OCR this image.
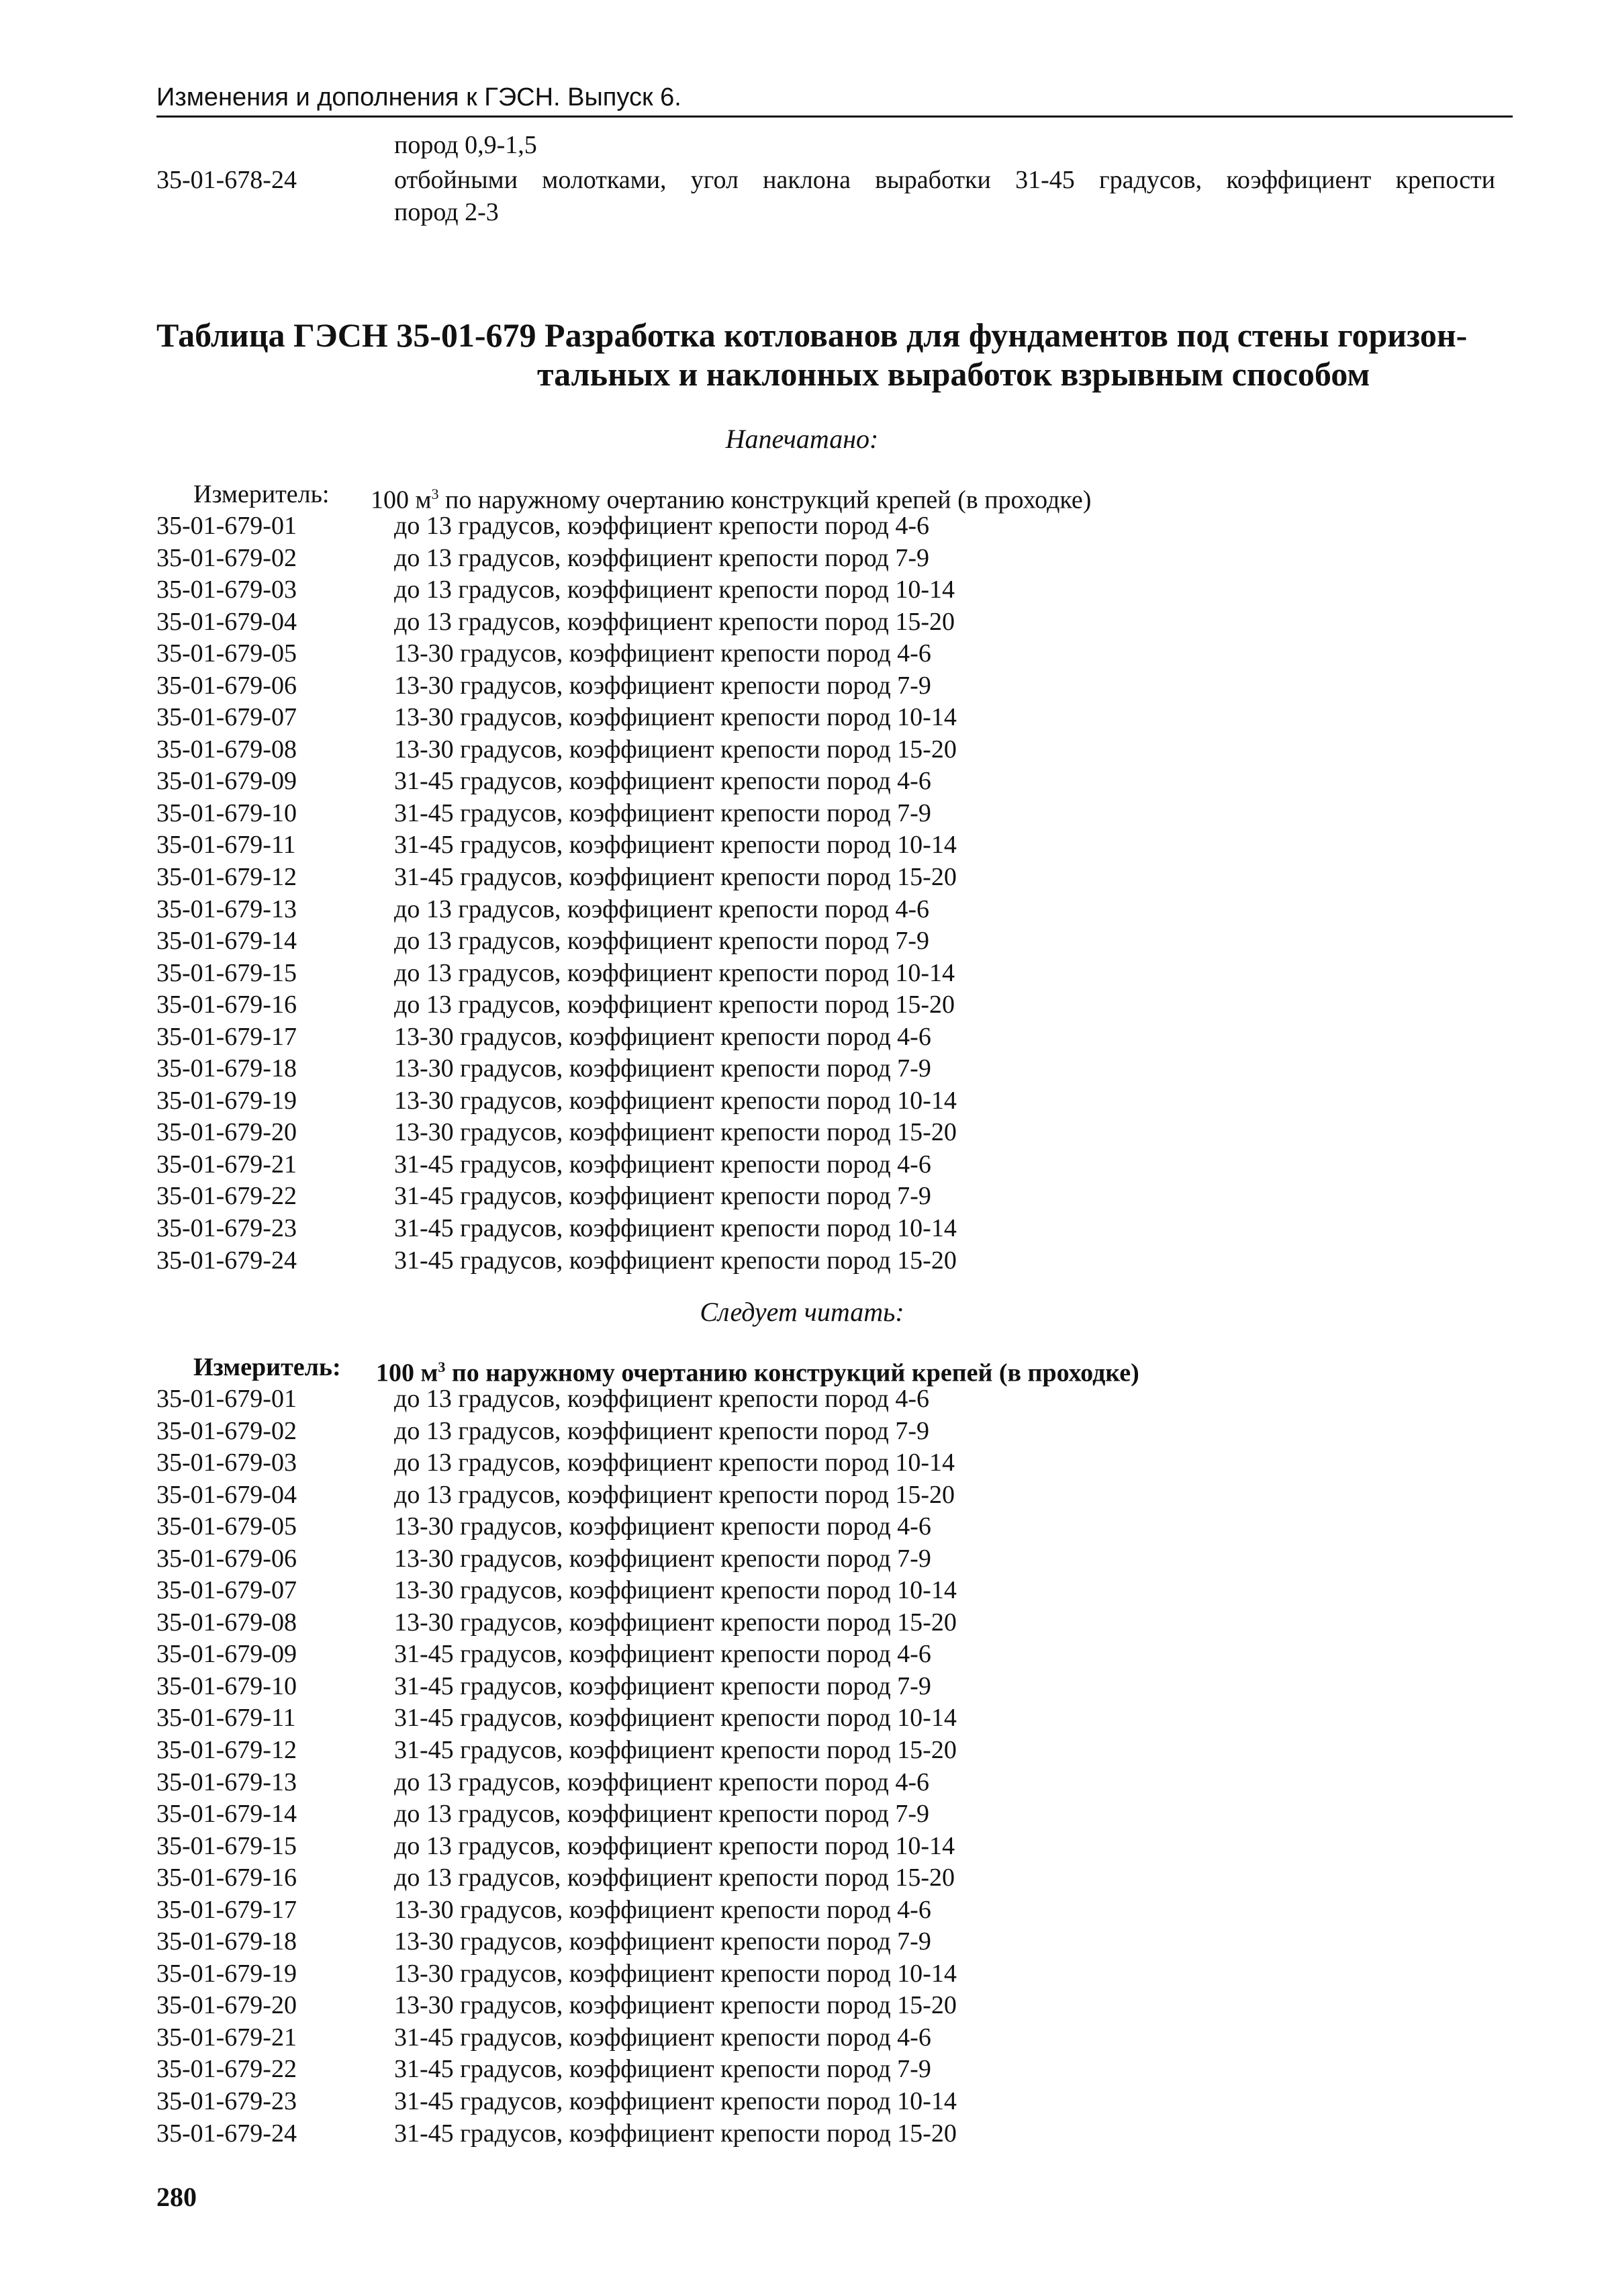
Изменения и дополнения к ГЭСН. Выпуск 6.
пород 0,9-1,5
35-01-678-24	отбойными молотками, угол наклона выработки 31-45 градусов, коэффициент крепости
пород 2-3
Таблица ГЭСН 35-01-679 Разработка котлованов для фундаментов под стены горизон-
тальных и наклонных выработок взрывным способом
Напечатано:
Измеритель: 100 $м^3$ по наружному очертанию конструкций крепей (в проходке)
35-01-679-01	до 13 градусов, коэффициент крепости пород 4-6
35-01-679-02	до 13 градусов, коэффициент крепости пород 7-9
35-01-679-03	до 13 градусов, коэффициент крепости пород 10-14
35-01-679-04	до 13 градусов, коэффициент крепости пород 15-20
35-01-679-05	13-30 градусов, коэффициент крепости пород 4-6
35-01-679-06	13-30 градусов, коэффициент крепости пород 7-9
35-01-679-07	13-30 градусов, коэффициент крепости пород 10-14
35-01-679-08	13-30 градусов, коэффициент крепости пород 15-20
35-01-679-09	31-45 градусов, коэффициент крепости пород 4-6
35-01-679-10	31-45 градусов, коэффициент крепости пород 7-9
35-01-679-11	31-45 градусов, коэффициент крепости пород 10-14
35-01-679-12	31-45 градусов, коэффициент крепости пород 15-20
35-01-679-13	до 13 градусов, коэффициент крепости пород 4-6
35-01-679-14	до 13 градусов, коэффициент крепости пород 7-9
35-01-679-15	до 13 градусов, коэффициент крепости пород 10-14
35-01-679-16	до 13 градусов, коэффициент крепости пород 15-20
35-01-679-17	13-30 градусов, коэффициент крепости пород 4-6
35-01-679-18	13-30 градусов, коэффициент крепости пород 7-9
35-01-679-19	13-30 градусов, коэффициент крепости пород 10-14
35-01-679-20	13-30 градусов, коэффициент крепости пород 15-20
35-01-679-21	31-45 градусов, коэффициент крепости пород 4-6
35-01-679-22	31-45 градусов, коэффициент крепости пород 7-9
35-01-679-23	31-45 градусов, коэффициент крепости пород 10-14
35-01-679-24	31-45 градусов, коэффициент крепости пород 15-20
Следует читать:
Измеритель: 100 $м^3$ по наружному очертанию конструкций крепей (в проходке)
35-01-679-01	до 13 градусов, коэффициент крепости пород 4-6
35-01-679-02	до 13 градусов, коэффициент крепости пород 7-9
35-01-679-03	до 13 градусов, коэффициент крепости пород 10-14
35-01-679-04	до 13 градусов, коэффициент крепости пород 15-20
35-01-679-05	13-30 градусов, коэффициент крепости пород 4-6
35-01-679-06	13-30 градусов, коэффициент крепости пород 7-9
35-01-679-07	13-30 градусов, коэффициент крепости пород 10-14
35-01-679-08	13-30 градусов, коэффициент крепости пород 15-20
35-01-679-09	31-45 градусов, коэффициент крепости пород 4-6
35-01-679-10	31-45 градусов, коэффициент крепости пород 7-9
35-01-679-11	31-45 градусов, коэффициент крепости пород 10-14
35-01-679-12	31-45 градусов, коэффициент крепости пород 15-20
35-01-679-13	до 13 градусов, коэффициент крепости пород 4-6
35-01-679-14	до 13 градусов, коэффициент крепости пород 7-9
35-01-679-15	до 13 градусов, коэффициент крепости пород 10-14
35-01-679-16	до 13 градусов, коэффициент крепости пород 15-20
35-01-679-17	13-30 градусов, коэффициент крепости пород 4-6
35-01-679-18	13-30 градусов, коэффициент крепости пород 7-9
35-01-679-19	13-30 градусов, коэффициент крепости пород 10-14
35-01-679-20	13-30 градусов, коэффициент крепости пород 15-20
35-01-679-21	31-45 градусов, коэффициент крепости пород 4-6
35-01-679-22	31-45 градусов, коэффициент крепости пород 7-9
35-01-679-23	31-45 градусов, коэффициент крепости пород 10-14
35-01-679-24	31-45 градусов, коэффициент крепости пород 15-20
280
